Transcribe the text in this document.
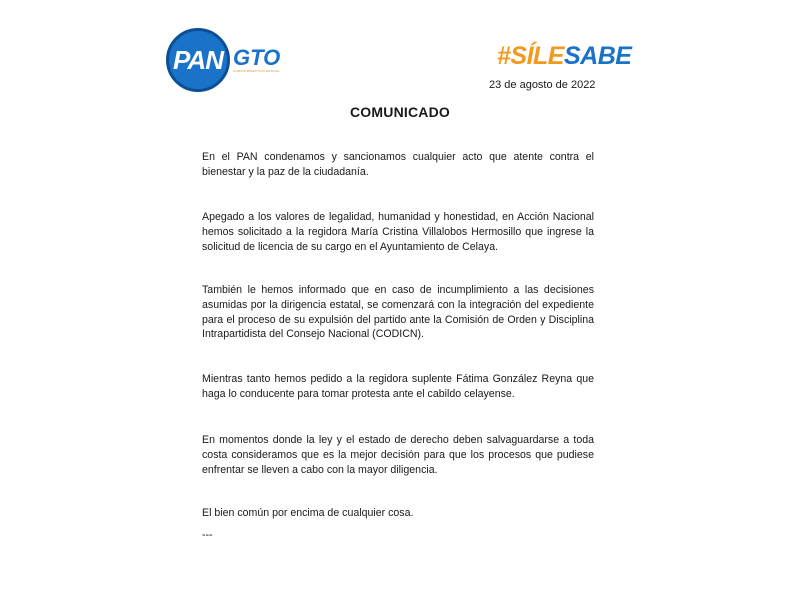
PAN GTO
COMITÉ DIRECTIVO ESTATAL
#SÍLESABE
23 de agosto de 2022
COMUNICADO

En el PAN condenamos y sancionamos cualquier acto que atente contra el bienestar y la paz de la ciudadanía.

Apegado a los valores de legalidad, humanidad y honestidad, en Acción Nacional hemos solicitado a la regidora María Cristina Villalobos Hermosillo que ingrese la solicitud de licencia de su cargo en el Ayuntamiento de Celaya.

También le hemos informado que en caso de incumplimiento a las decisiones asumidas por la dirigencia estatal, se comenzará con la integración del expediente para el proceso de su expulsión del partido ante la Comisión de Orden y Disciplina Intrapartidista del Consejo Nacional (CODICN).

Mientras tanto hemos pedido a la regidora suplente Fátima González Reyna que haga lo conducente para tomar protesta ante el cabildo celayense.

En momentos donde la ley y el estado de derecho deben salvaguardarse a toda costa consideramos que es la mejor decisión para que los procesos que pudiese enfrentar se lleven a cabo con la mayor diligencia.

El bien común por encima de cualquier cosa.

---
